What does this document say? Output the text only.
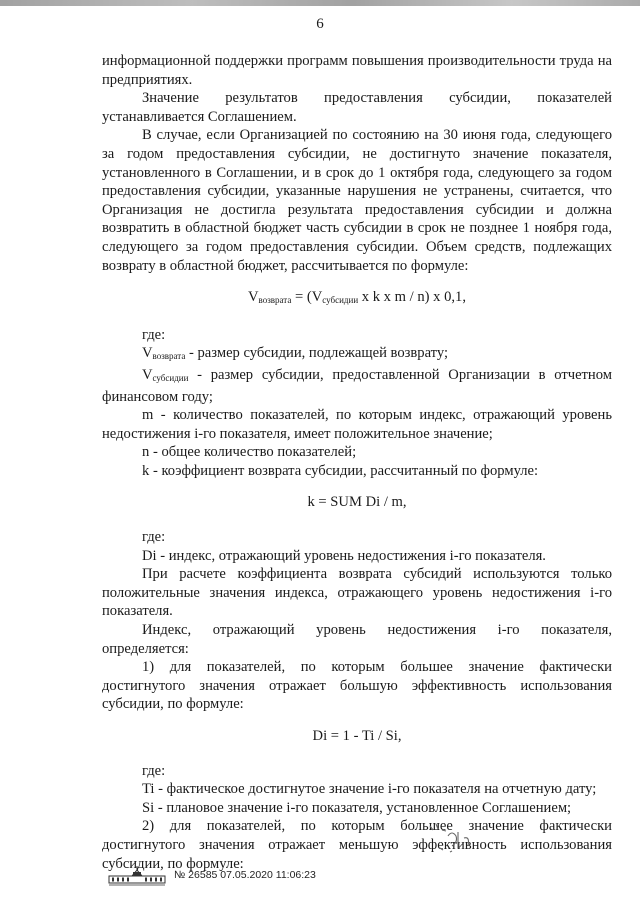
6

информационной поддержки программ повышения производительности труда на предприятиях.

Значение результатов предоставления субсидии, показателей устанавливается Соглашением.

В случае, если Организацией по состоянию на 30 июня года, следующего за годом предоставления субсидии, не достигнуто значение показателя, установленного в Соглашении, и в срок до 1 октября года, следующего за годом предоставления субсидии, указанные нарушения не устранены, считается, что Организация не достигла результата предоставления субсидии и должна возвратить в областной бюджет часть субсидии в срок не позднее 1 ноября года, следующего за годом предоставления субсидии. Объем средств, подлежащих возврату в областной бюджет, рассчитывается по формуле:

$V_{возврата} = (V_{субсидии}$ x k x m / n) x 0,1,

где:

$V_{возврата}$ - размер субсидии, подлежащей возврату;

$V_{субсидии}$ - размер субсидии, предоставленной Организации в отчетном финансовом году;

m - количество показателей, по которым индекс, отражающий уровень недостижения i-го показателя, имеет положительное значение;

n - общее количество показателей;

k - коэффициент возврата субсидии, рассчитанный по формуле:

k = SUM Di / m,

где:

Di - индекс, отражающий уровень недостижения i-го показателя.

При расчете коэффициента возврата субсидий используются только положительные значения индекса, отражающего уровень недостижения i-го показателя.

Индекс, отражающий уровень недостижения i-го показателя, определяется:

1) для показателей, по которым большее значение фактически достигнутого значения отражает большую эффективность использования субсидии, по формуле:

Di = 1 - Ti / Si,

где:

Ti - фактическое достигнутое значение i-го показателя на отчетную дату;

Si - плановое значение i-го показателя, установленное Соглашением;

2) для показателей, по которым большее значение фактически достигнутого значения отражает меньшую эффективность использования субсидии, по формуле:

№ 26585 07.05.2020 11:06:23
